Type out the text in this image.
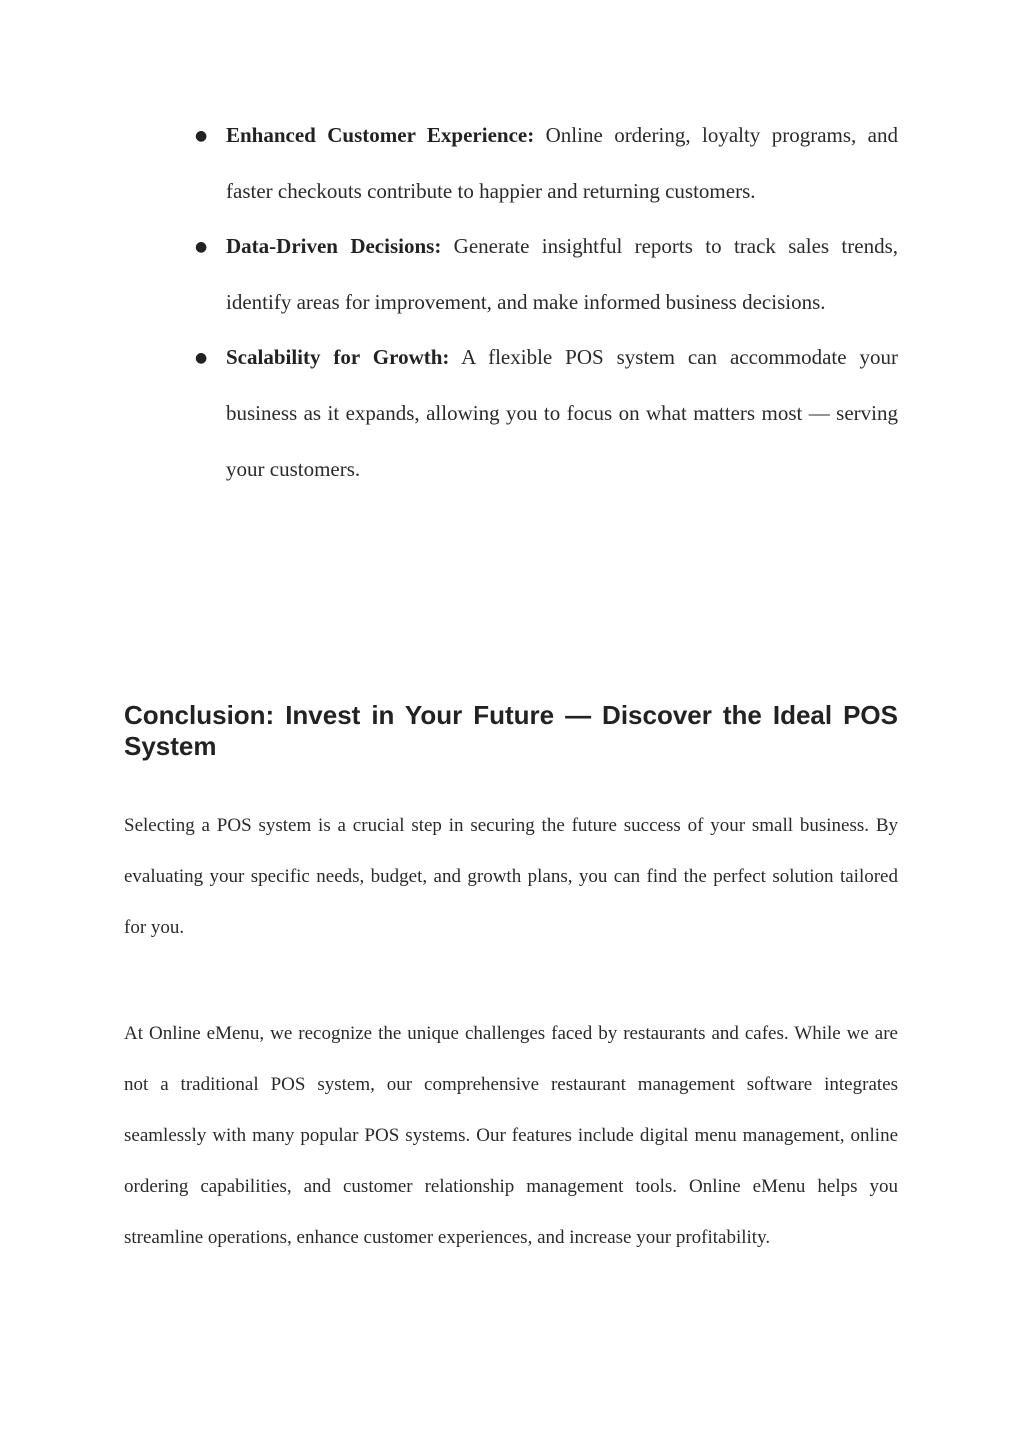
● Enhanced Customer Experience: Online ordering, loyalty programs, and faster checkouts contribute to happier and returning customers.

● Data-Driven Decisions: Generate insightful reports to track sales trends, identify areas for improvement, and make informed business decisions.

● Scalability for Growth: A flexible POS system can accommodate your business as it expands, allowing you to focus on what matters most — serving your customers.

Conclusion: Invest in Your Future — Discover the Ideal POS System

Selecting a POS system is a crucial step in securing the future success of your small business. By evaluating your specific needs, budget, and growth plans, you can find the perfect solution tailored for you.

At Online eMenu, we recognize the unique challenges faced by restaurants and cafes. While we are not a traditional POS system, our comprehensive restaurant management software integrates seamlessly with many popular POS systems. Our features include digital menu management, online ordering capabilities, and customer relationship management tools. Online eMenu helps you streamline operations, enhance customer experiences, and increase your profitability.
